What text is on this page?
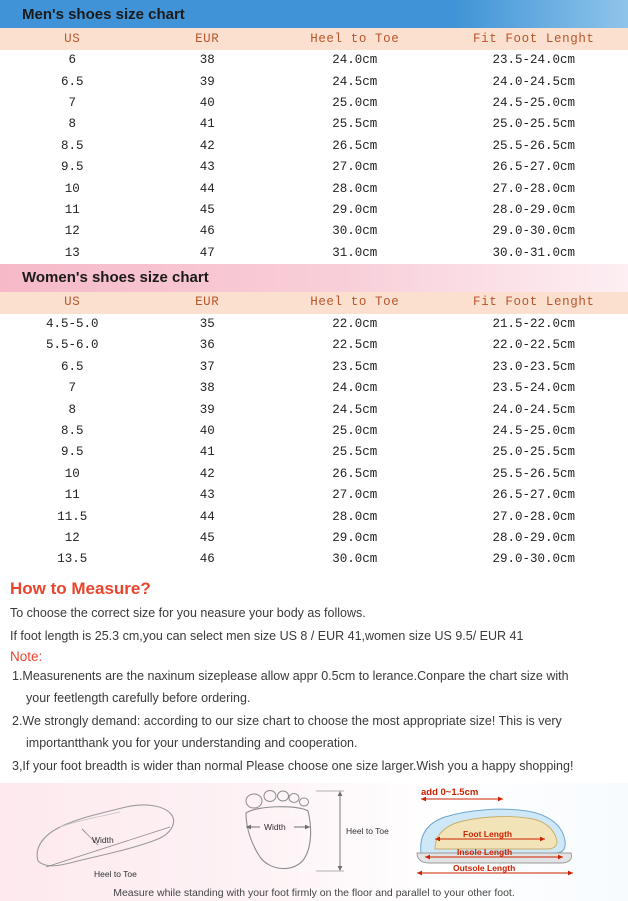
Men's shoes size chart
US	EUR	Heel to Toe	Fit Foot Lenght
6	38	24.0cm	23.5-24.0cm
6.5	39	24.5cm	24.0-24.5cm
7	40	25.0cm	24.5-25.0cm
8	41	25.5cm	25.0-25.5cm
8.5	42	26.5cm	25.5-26.5cm
9.5	43	27.0cm	26.5-27.0cm
10	44	28.0cm	27.0-28.0cm
11	45	29.0cm	28.0-29.0cm
12	46	30.0cm	29.0-30.0cm
13	47	31.0cm	30.0-31.0cm
Women's shoes size chart
US	EUR	Heel to Toe	Fit Foot Lenght
4.5-5.0	35	22.0cm	21.5-22.0cm
5.5-6.0	36	22.5cm	22.0-22.5cm
6.5	37	23.5cm	23.0-23.5cm
7	38	24.0cm	23.5-24.0cm
8	39	24.5cm	24.0-24.5cm
8.5	40	25.0cm	24.5-25.0cm
9.5	41	25.5cm	25.0-25.5cm
10	42	26.5cm	25.5-26.5cm
11	43	27.0cm	26.5-27.0cm
11.5	44	28.0cm	27.0-28.0cm
12	45	29.0cm	28.0-29.0cm
13.5	46	30.0cm	29.0-30.0cm
How to Measure?

To choose the correct size for you neasure your body as follows.

If foot length is 25.3 cm,you can select men size US 8 / EUR 41,women size US 9.5/ EUR 41

Note:
1.Measurenents are the naxinum sizeplease allow appr 0.5cm to lerance.Conpare the chart size with
your feetlength carefully before ordering.
2.We strongly demand: according to our size chart to choose the most appropriate size! This is very
importantthank you for your understanding and cooperation.
3,If your foot breadth is wider than normal Please choose one size larger.Wish you a happy shopping!
Width
Heel to Toe
Width	Heel to Toe
add 0~1.5cm
Foot Length
Insole Length
Outsole Length
Measure while standing with your foot firmly on the floor and parallel to your other foot.
